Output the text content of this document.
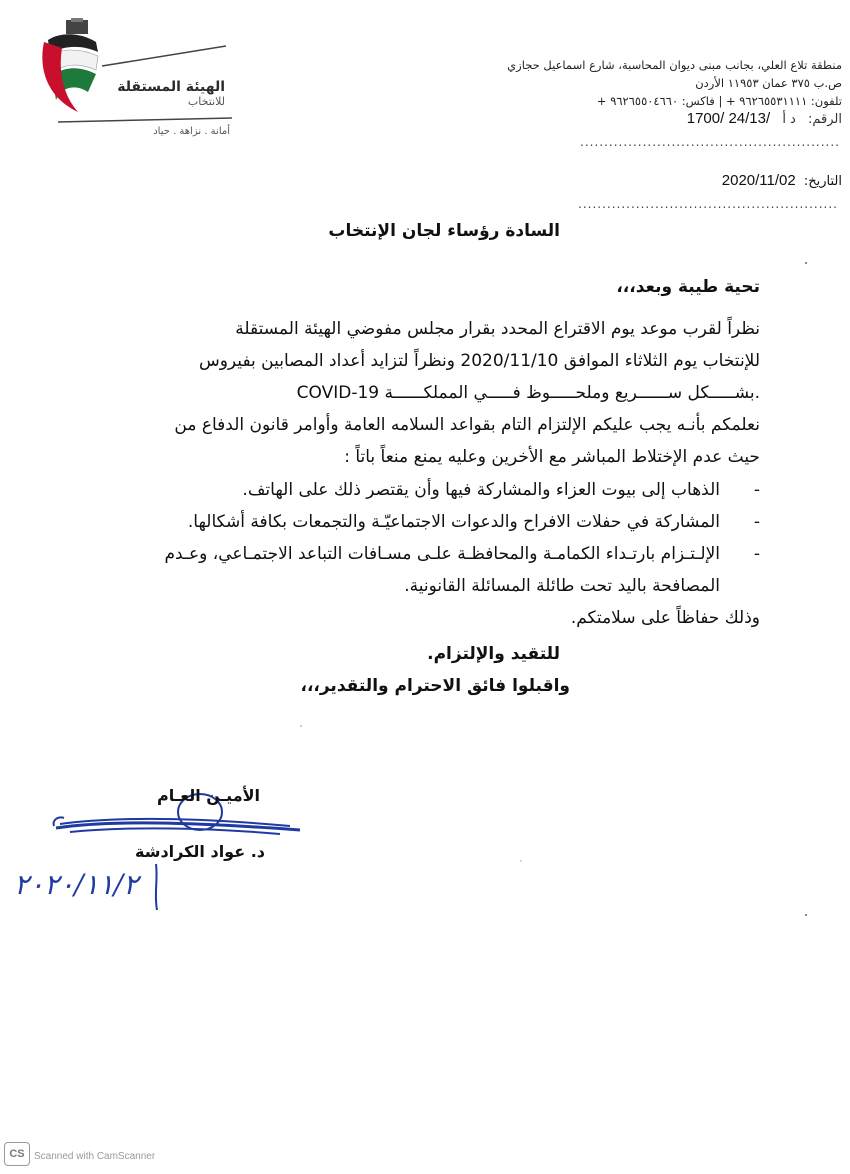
الهيئة المستقلة
للانتخاب
أمانة . نزاهة . حياد
منطقة تلاع العلي، بجانب مبنى ديوان المحاسبة، شارع اسماعيل حجازي
ص.ب ٣٧٥ عمان ١١٩٥٣ الأردن
تلفون: ٩٦٢٦٥٥٣١١١١ + | فاكس: ٩٦٢٦٥٥٠٤٦٦٠ +
الرقم: د أ 1700/ 24/13/
......................................................
التاريخ: 2020/11/02
......................................................
السادة رؤساء لجان الإنتخاب
تحية طيبة وبعد،،،
نظراً لقرب موعد يوم الاقتراع المحدد بقرار مجلس مفوضي الهيئة المستقلة
للإنتخاب يوم الثلاثاء الموافق 2020/11/10 ونظراً لتزايد أعداد المصابين بفيروس
COVID-19 بشـــــكل ســــــريع وملحـــــوظ فـــــي المملكــــــة.
نعلمكم بأنـه يجب عليكم الإلتزام التام بقواعد السلامه العامة وأوامر قانون الدفاع من
حيث عدم الإختلاط المباشر مع الأخرين وعليه يمنع منعاً باتاً :
-
الذهاب إلى بيوت العزاء والمشاركة فيها وأن يقتصر ذلك على الهاتف.
-
المشاركة في حفلات الافراح والدعوات الاجتماعيّـة والتجمعات بكافة أشكالها.
-
الإلـتـزام بارتـداء الكمامـة والمحافظـة علـى مسـافات التباعد الاجتمـاعي، وعـدم
المصافحة باليد تحت طائلة المسائلة القانونية.
وذلك حفاظاً على سلامتكم.
للتقيد والإلتزام.
واقبلوا فائق الاحترام والتقدير،،،
الأميـن العـام
د. عواد الكرادشة
٢٠٢٠/١١/٢
CS Scanned with CamScanner
